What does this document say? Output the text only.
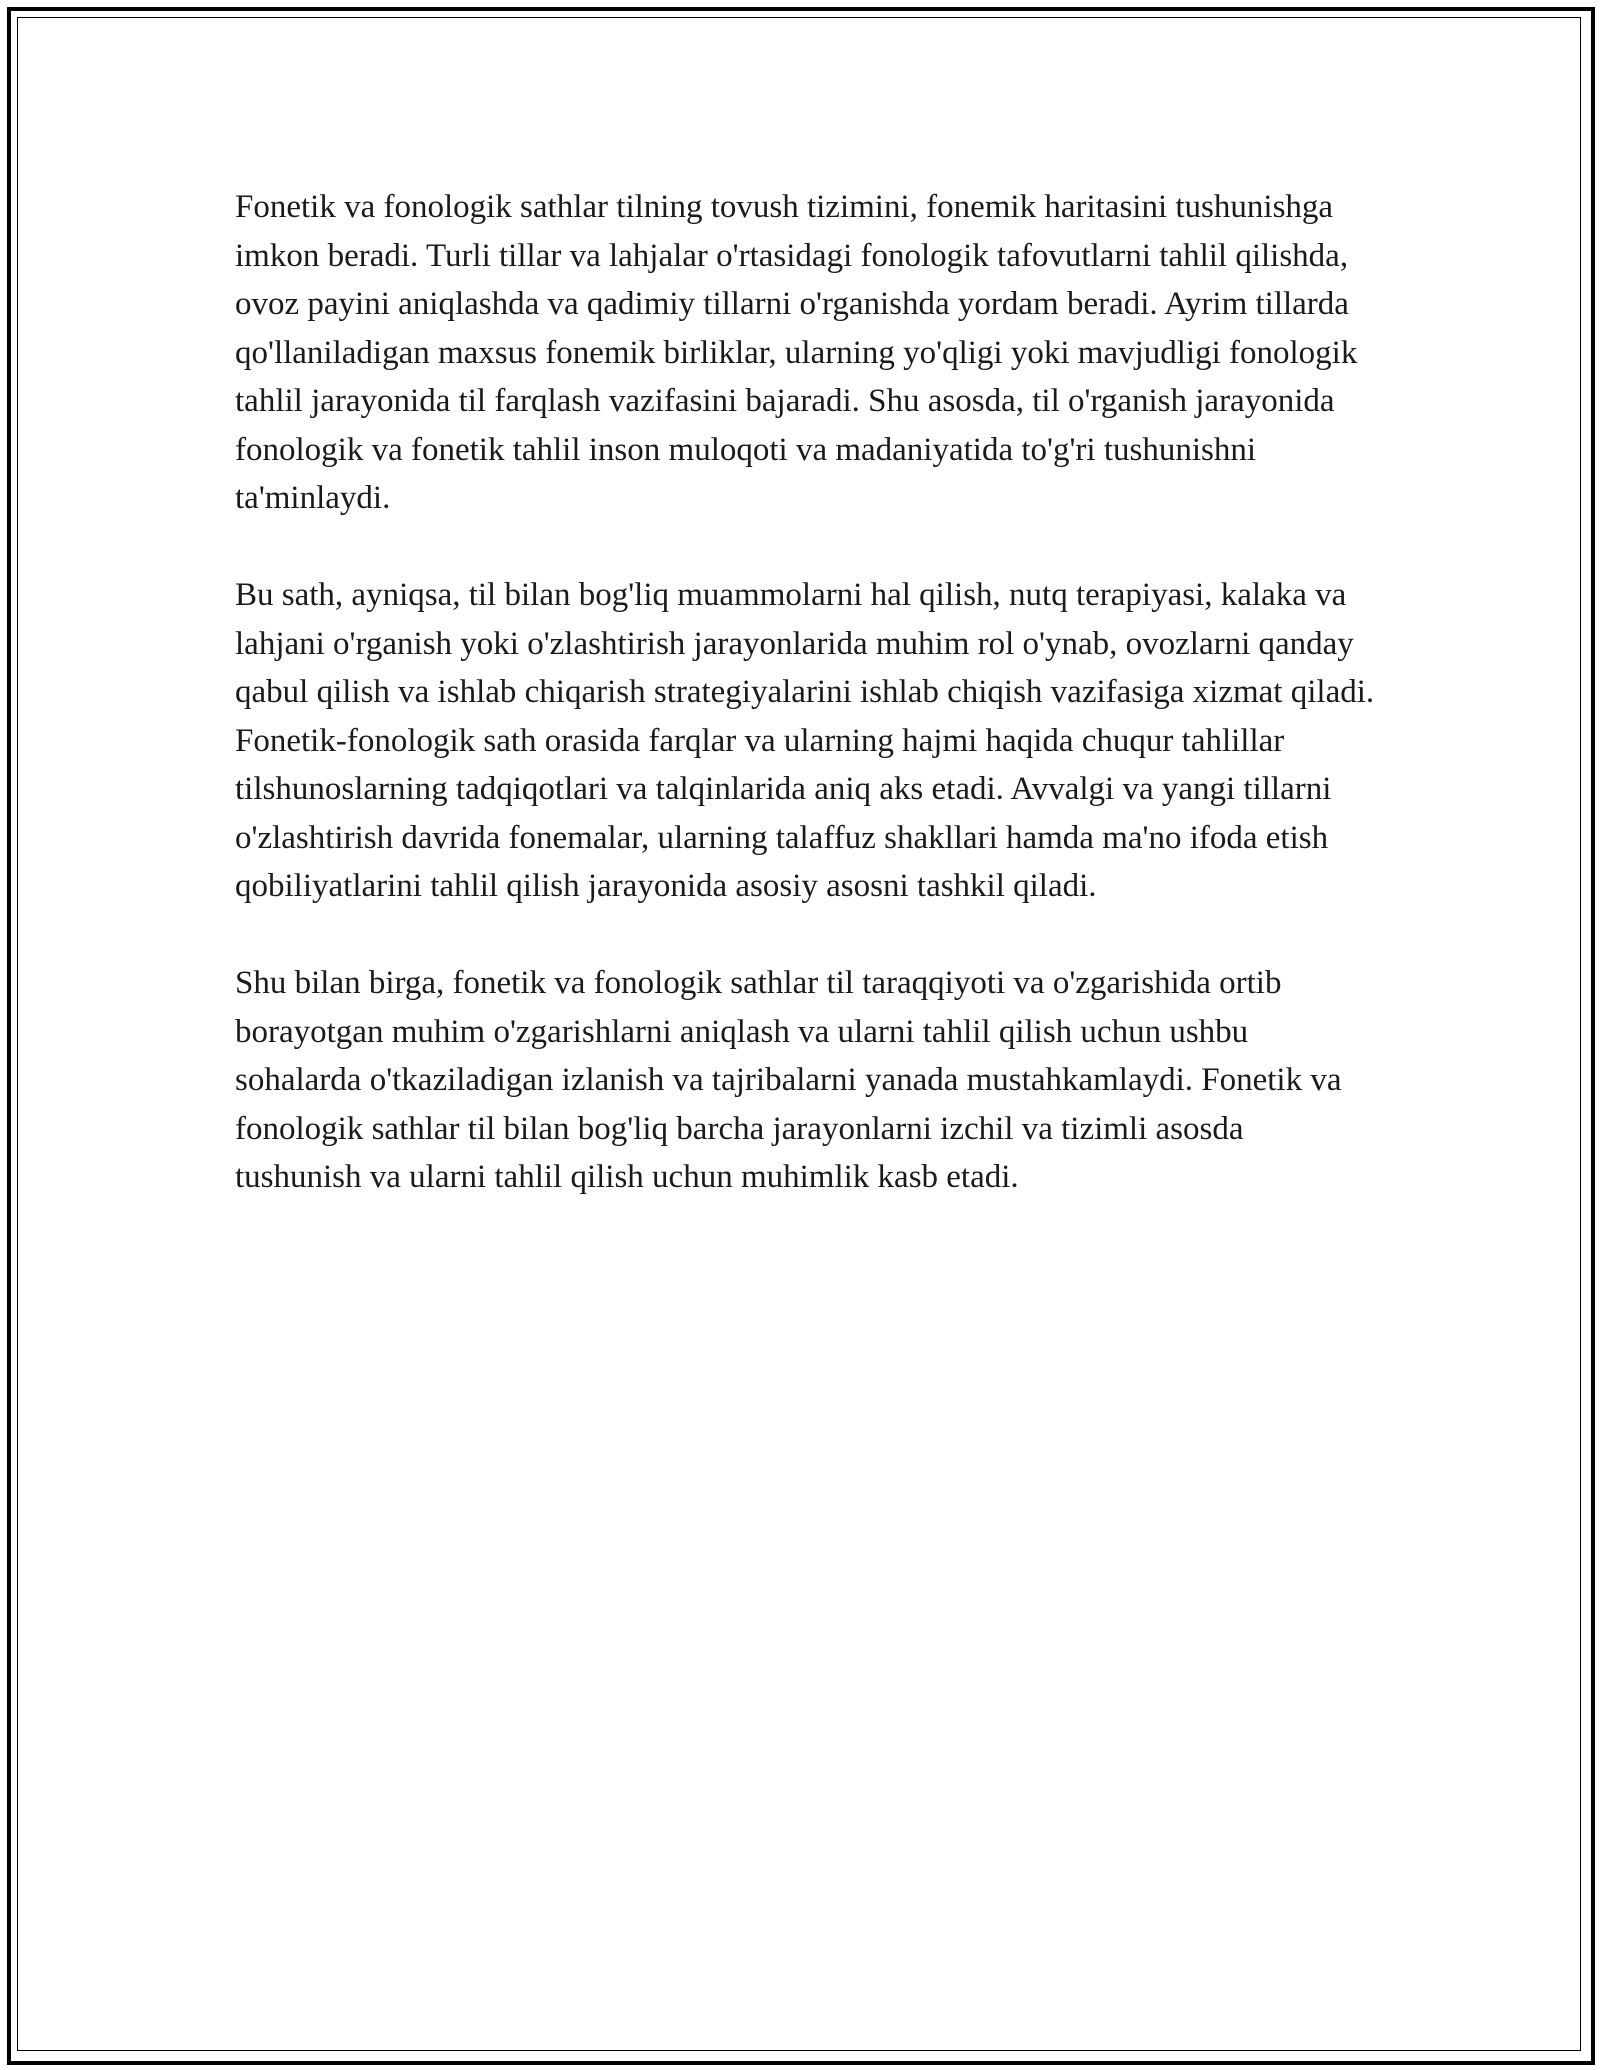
Fonetik va fonologik sathlar tilning tovush tizimini, fonemik haritasini tushunishga imkon beradi. Turli tillar va lahjalar o'rtasidagi fonologik tafovutlarni tahlil qilishda, ovoz payini aniqlashda va qadimiy tillarni o'rganishda yordam beradi. Ayrim tillarda qo'llaniladigan maxsus fonemik birliklar, ularning yo'qligi yoki mavjudligi fonologik tahlil jarayonida til farqlash vazifasini bajaradi. Shu asosda, til o'rganish jarayonida fonologik va fonetik tahlil inson muloqoti va madaniyatida to'g'ri tushunishni ta'minlaydi.

Bu sath, ayniqsa, til bilan bog'liq muammolarni hal qilish, nutq terapiyasi, kalaka va lahjani o'rganish yoki o'zlashtirish jarayonlarida muhim rol o'ynab, ovozlarni qanday qabul qilish va ishlab chiqarish strategiyalarini ishlab chiqish vazifasiga xizmat qiladi. Fonetik-fonologik sath orasida farqlar va ularning hajmi haqida chuqur tahlillar tilshunoslarning tadqiqotlari va talqinlarida aniq aks etadi. Avvalgi va yangi tillarni o'zlashtirish davrida fonemalar, ularning talaffuz shakllari hamda ma'no ifoda etish qobiliyatlarini tahlil qilish jarayonida asosiy asosni tashkil qiladi.

Shu bilan birga, fonetik va fonologik sathlar til taraqqiyoti va o'zgarishida ortib borayotgan muhim o'zgarishlarni aniqlash va ularni tahlil qilish uchun ushbu sohalarda o'tkaziladigan izlanish va tajribalarni yanada mustahkamlaydi. Fonetik va fonologik sathlar til bilan bog'liq barcha jarayonlarni izchil va tizimli asosda tushunish va ularni tahlil qilish uchun muhimlik kasb etadi.
